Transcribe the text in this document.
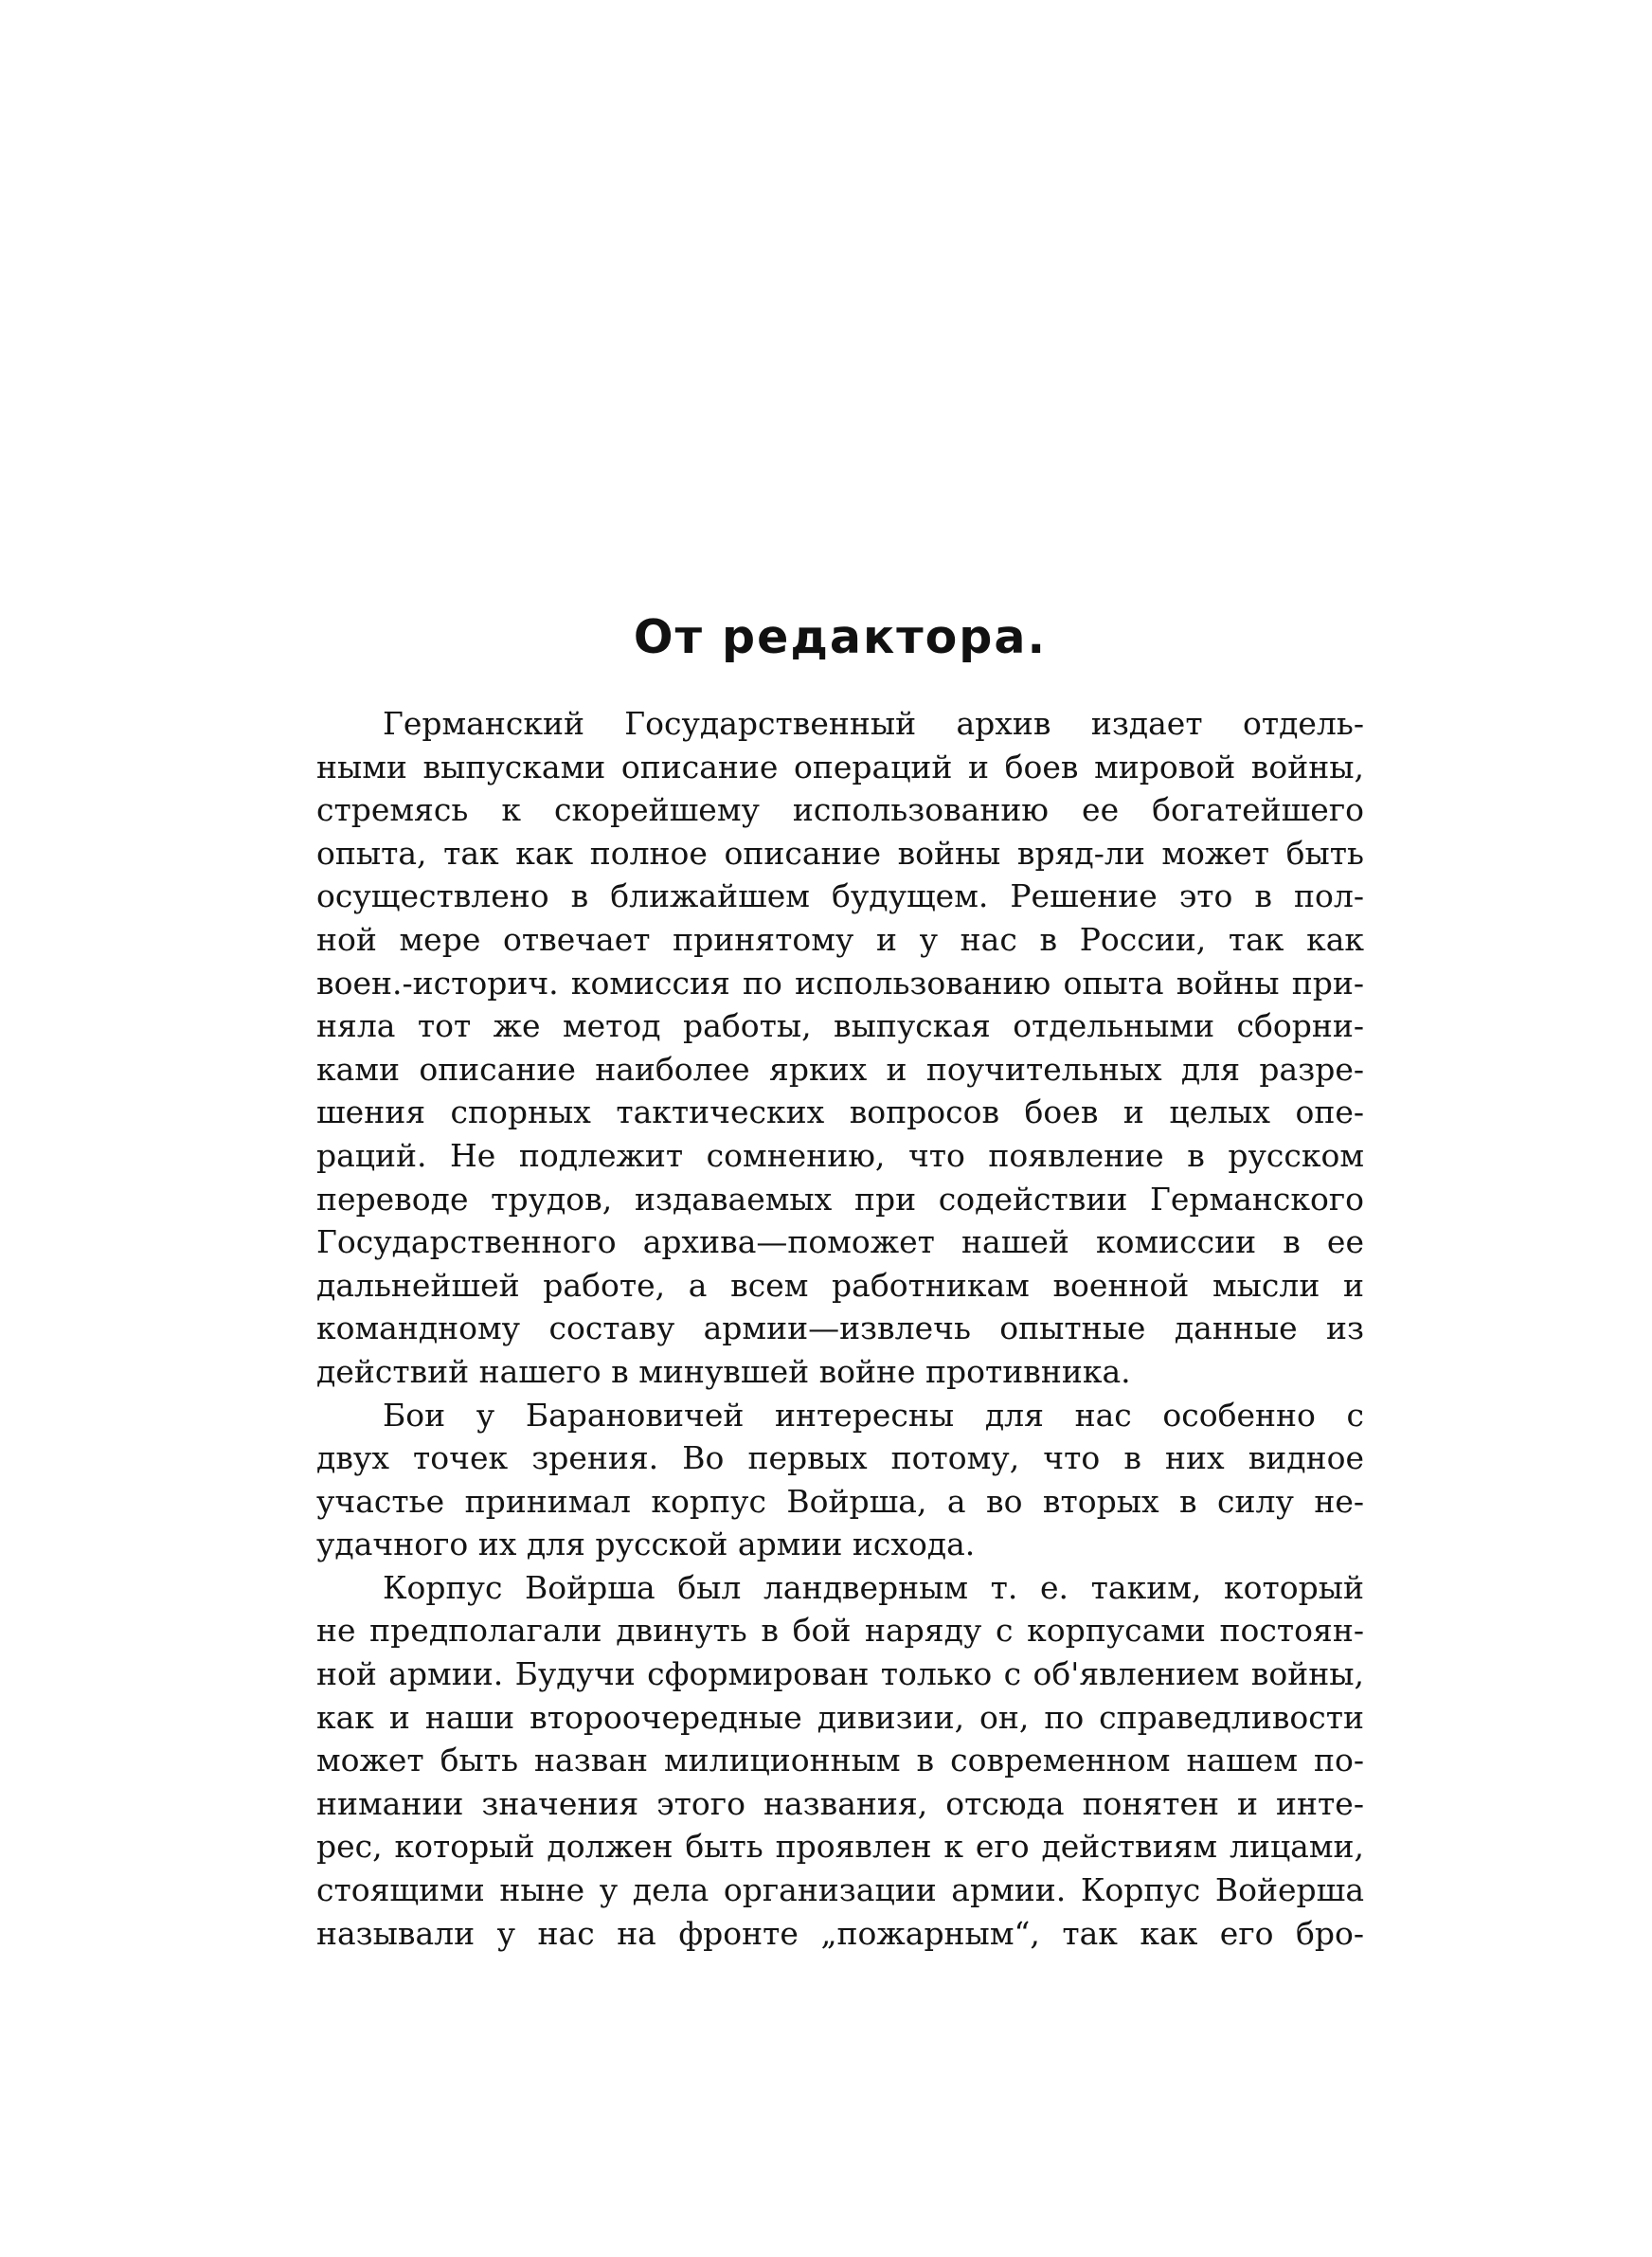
От редактора.
Германский Государственный архив издает отдель-
ными выпусками описание операций и боев мировой войны,
стремясь к скорейшему использованию ее богатейшего
опыта, так как полное описание войны вряд-ли может быть
осуществлено в ближайшем будущем. Решение это в пол-
ной мере отвечает принятому и у нас в России, так как
воен.-историч. комиссия по использованию опыта войны при-
няла тот же метод работы, выпуская отдельными сборни-
ками описание наиболее ярких и поучительных для разре-
шения спорных тактических вопросов боев и целых опе-
раций. Не подлежит сомнению, что появление в русском
переводе трудов, издаваемых при содействии Германского
Государственного архива—поможет нашей комиссии в ее
дальнейшей работе, а всем работникам военной мысли и
командному составу армии—извлечь опытные данные из
действий нашего в минувшей войне противника.
Бои у Барановичей интересны для нас особенно с
двух точек зрения. Во первых потому, что в них видное
участье принимал корпус Войрша, а во вторых в силу не-
удачного их для русской армии исхода.
Корпус Войрша был ландверным т. е. таким, который
не предполагали двинуть в бой наряду с корпусами постоян-
ной армии. Будучи сформирован только с об'явлением войны,
как и наши второочередные дивизии, он, по справедливости
может быть назван милиционным в современном нашем по-
нимании значения этого названия, отсюда понятен и инте-
рес, который должен быть проявлен к его действиям лицами,
стоящими ныне у дела организации армии. Корпус Войерша
называли у нас на фронте „пожарным“, так как его бро-
